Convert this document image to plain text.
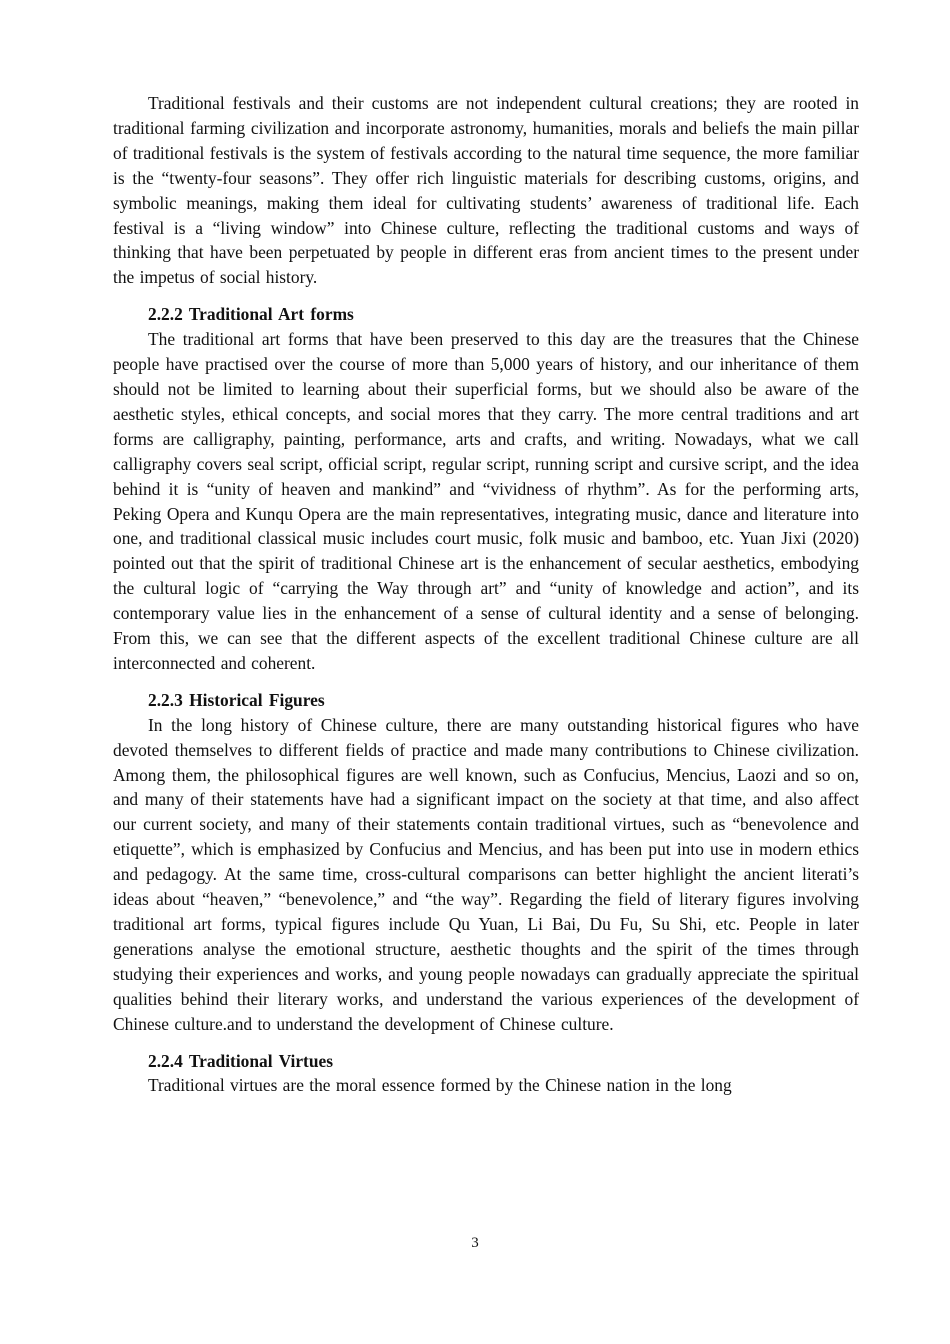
Traditional festivals and their customs are not independent cultural creations; they are rooted in traditional farming civilization and incorporate astronomy, humanities, morals and beliefs the main pillar of traditional festivals is the system of festivals according to the natural time sequence, the more familiar is the “twenty-four seasons”. They offer rich linguistic materials for describing customs, origins, and symbolic meanings, making them ideal for cultivating students’ awareness of traditional life. Each festival is a “living window” into Chinese culture, reflecting the traditional customs and ways of thinking that have been perpetuated by people in different eras from ancient times to the present under the impetus of social history.

2.2.2 Traditional Art forms

The traditional art forms that have been preserved to this day are the treasures that the Chinese people have practised over the course of more than 5,000 years of history, and our inheritance of them should not be limited to learning about their superficial forms, but we should also be aware of the aesthetic styles, ethical concepts, and social mores that they carry. The more central traditions and art forms are calligraphy, painting, performance, arts and crafts, and writing. Nowadays, what we call calligraphy covers seal script, official script, regular script, running script and cursive script, and the idea behind it is “unity of heaven and mankind” and “vividness of rhythm”. As for the performing arts, Peking Opera and Kunqu Opera are the main representatives, integrating music, dance and literature into one, and traditional classical music includes court music, folk music and bamboo, etc. Yuan Jixi (2020) pointed out that the spirit of traditional Chinese art is the enhancement of secular aesthetics, embodying the cultural logic of “carrying the Way through art” and “unity of knowledge and action”, and its contemporary value lies in the enhancement of a sense of cultural identity and a sense of belonging. From this, we can see that the different aspects of the excellent traditional Chinese culture are all interconnected and coherent.

2.2.3 Historical Figures

In the long history of Chinese culture, there are many outstanding historical figures who have devoted themselves to different fields of practice and made many contributions to Chinese civilization. Among them, the philosophical figures are well known, such as Confucius, Mencius, Laozi and so on, and many of their statements have had a significant impact on the society at that time, and also affect our current society, and many of their statements contain traditional virtues, such as “benevolence and etiquette”, which is emphasized by Confucius and Mencius, and has been put into use in modern ethics and pedagogy. At the same time, cross-cultural comparisons can better highlight the ancient literati’s ideas about “heaven,” “benevolence,” and “the way”. Regarding the field of literary figures involving traditional art forms, typical figures include Qu Yuan, Li Bai, Du Fu, Su Shi, etc. People in later generations analyse the emotional structure, aesthetic thoughts and the spirit of the times through studying their experiences and works, and young people nowadays can gradually appreciate the spiritual qualities behind their literary works, and understand the various experiences of the development of Chinese culture.and to understand the development of Chinese culture.

2.2.4 Traditional Virtues

Traditional virtues are the moral essence formed by the Chinese nation in the long

3
